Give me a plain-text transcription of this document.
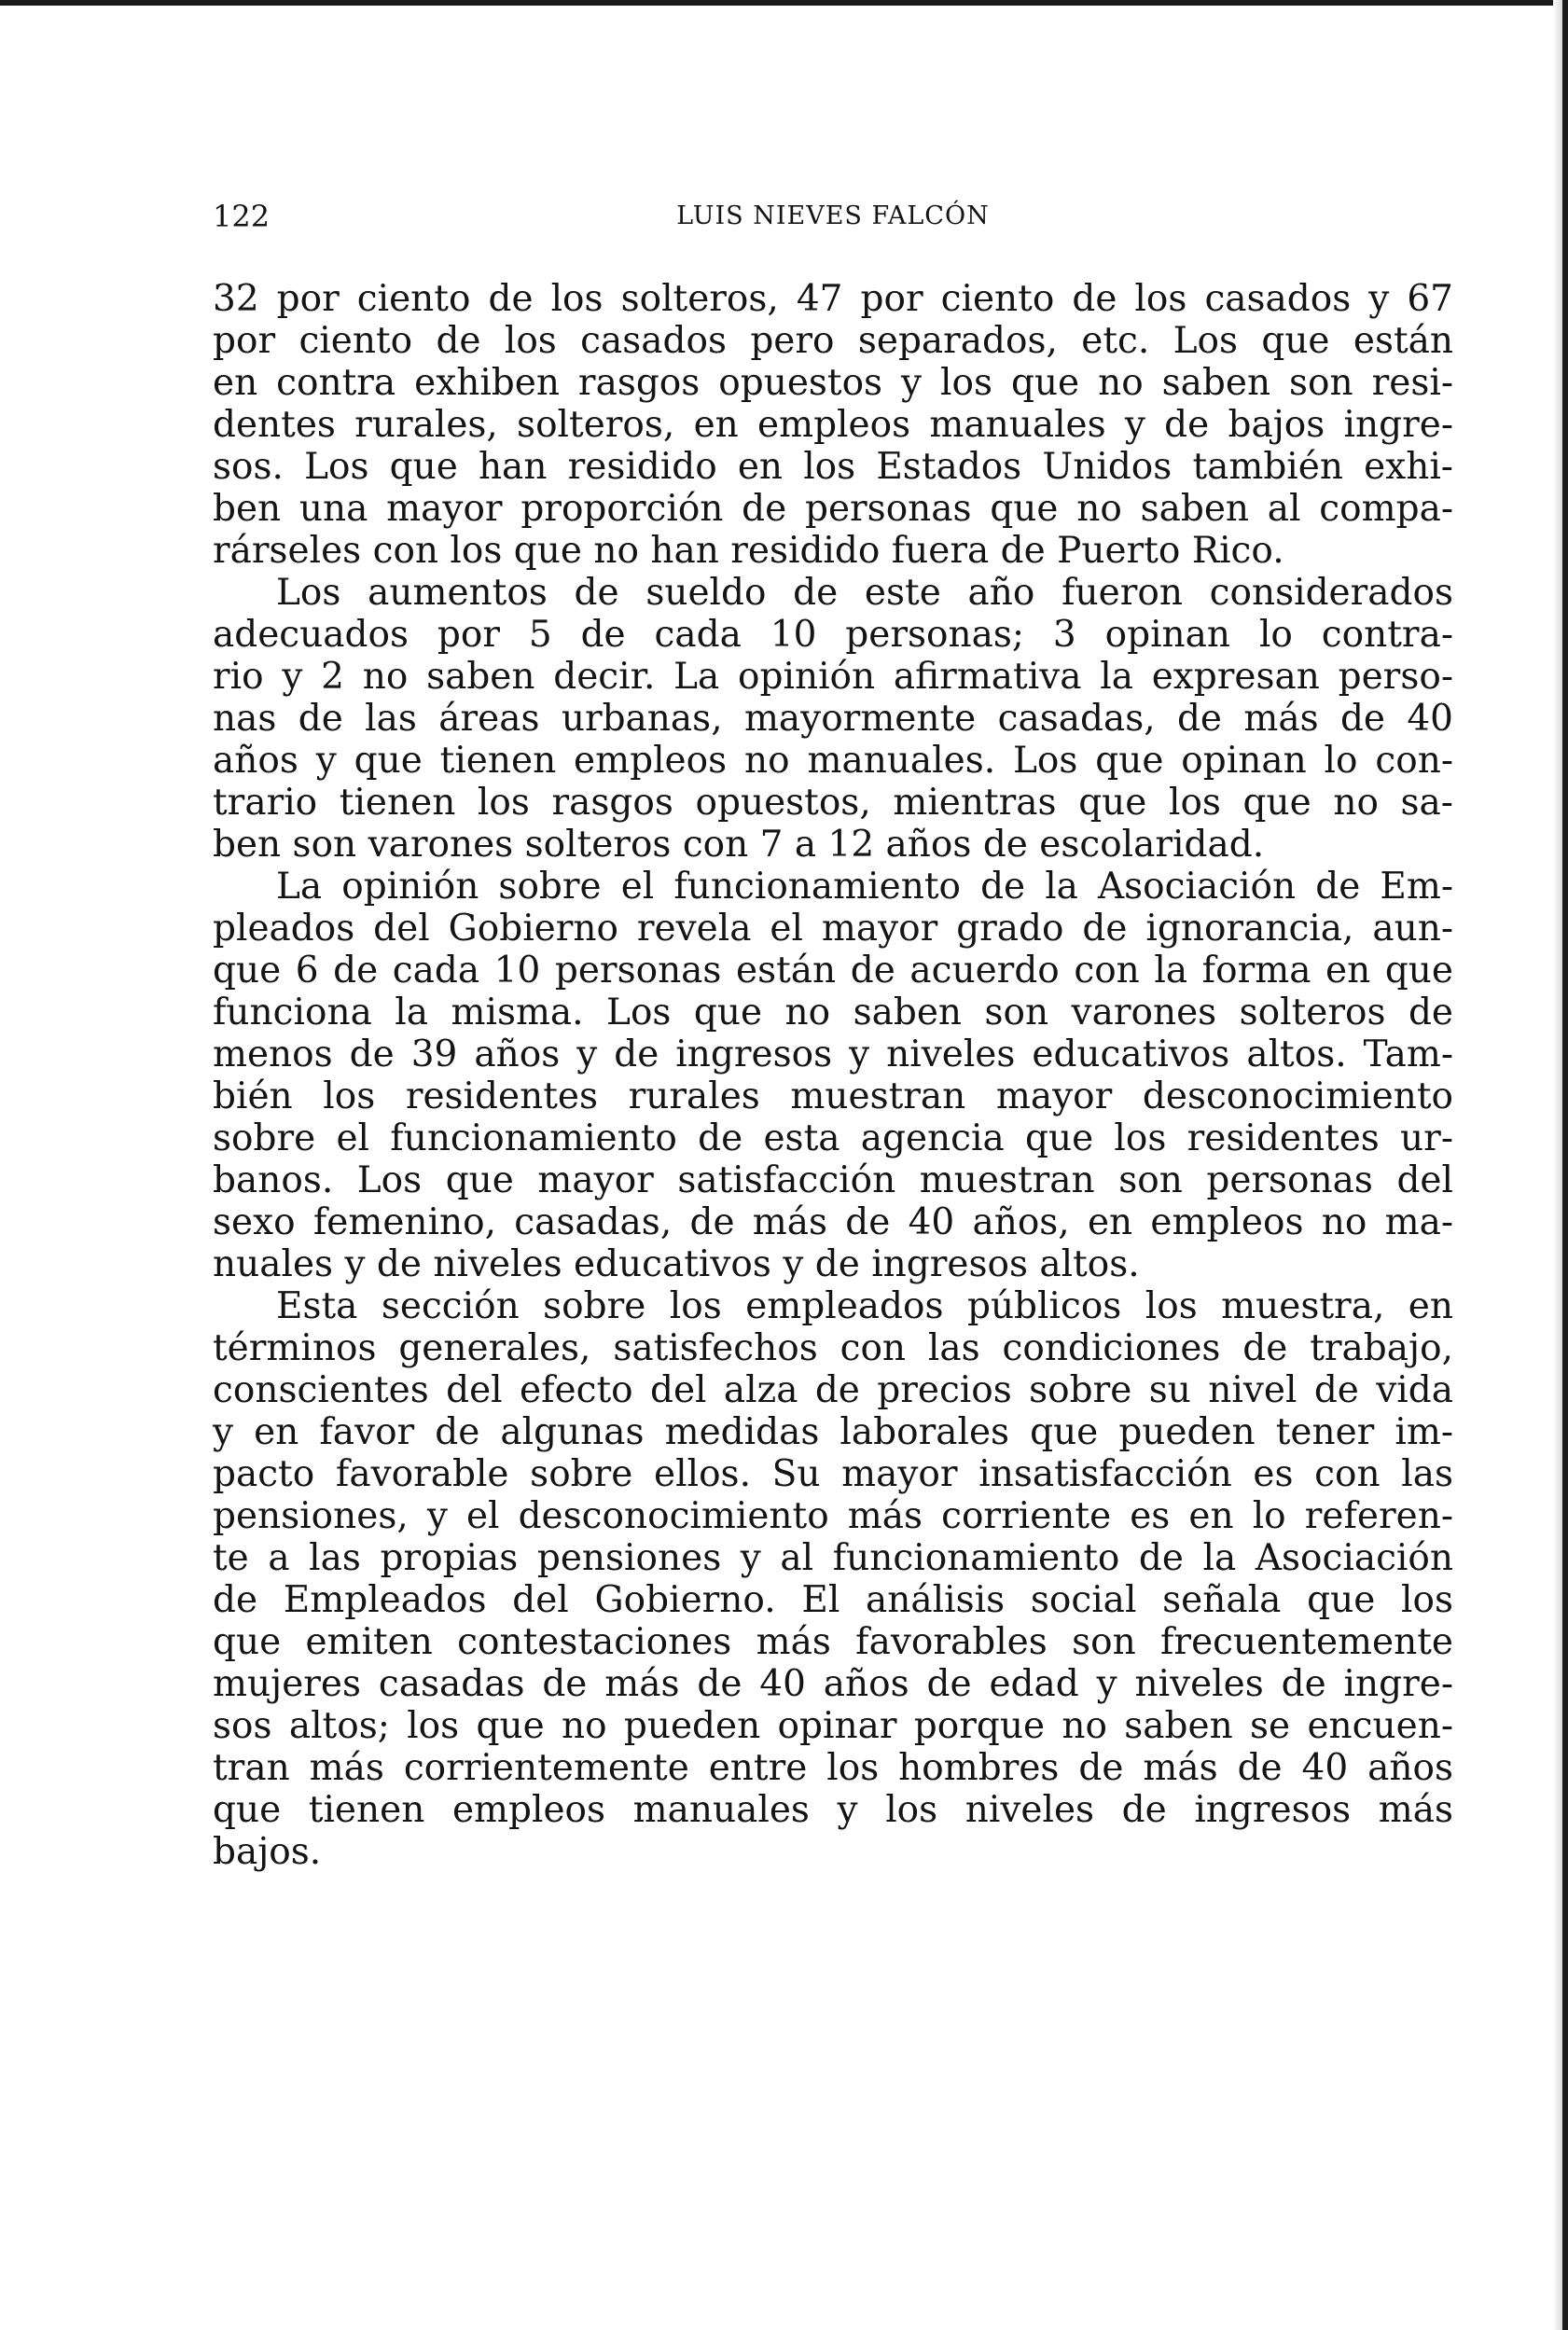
122	LUIS NIEVES FALCÓN
32 por ciento de los solteros, 47 por ciento de los casados y 67
por ciento de los casados pero separados, etc. Los que están
en contra exhiben rasgos opuestos y los que no saben son resi-
dentes rurales, solteros, en empleos manuales y de bajos ingre-
sos. Los que han residido en los Estados Unidos también exhi-
ben una mayor proporción de personas que no saben al compa-
rárseles con los que no han residido fuera de Puerto Rico.
Los aumentos de sueldo de este año fueron considerados
adecuados por 5 de cada 10 personas; 3 opinan lo contra-
rio y 2 no saben decir. La opinión afirmativa la expresan perso-
nas de las áreas urbanas, mayormente casadas, de más de 40
años y que tienen empleos no manuales. Los que opinan lo con-
trario tienen los rasgos opuestos, mientras que los que no sa-
ben son varones solteros con 7 a 12 años de escolaridad.
La opinión sobre el funcionamiento de la Asociación de Em-
pleados del Gobierno revela el mayor grado de ignorancia, aun-
que 6 de cada 10 personas están de acuerdo con la forma en que
funciona la misma. Los que no saben son varones solteros de
menos de 39 años y de ingresos y niveles educativos altos. Tam-
bién los residentes rurales muestran mayor desconocimiento
sobre el funcionamiento de esta agencia que los residentes ur-
banos. Los que mayor satisfacción muestran son personas del
sexo femenino, casadas, de más de 40 años, en empleos no ma-
nuales y de niveles educativos y de ingresos altos.
Esta sección sobre los empleados públicos los muestra, en
términos generales, satisfechos con las condiciones de trabajo,
conscientes del efecto del alza de precios sobre su nivel de vida
y en favor de algunas medidas laborales que pueden tener im-
pacto favorable sobre ellos. Su mayor insatisfacción es con las
pensiones, y el desconocimiento más corriente es en lo referen-
te a las propias pensiones y al funcionamiento de la Asociación
de Empleados del Gobierno. El análisis social señala que los
que emiten contestaciones más favorables son frecuentemente
mujeres casadas de más de 40 años de edad y niveles de ingre-
sos altos; los que no pueden opinar porque no saben se encuen-
tran más corrientemente entre los hombres de más de 40 años
que tienen empleos manuales y los niveles de ingresos más
bajos.
